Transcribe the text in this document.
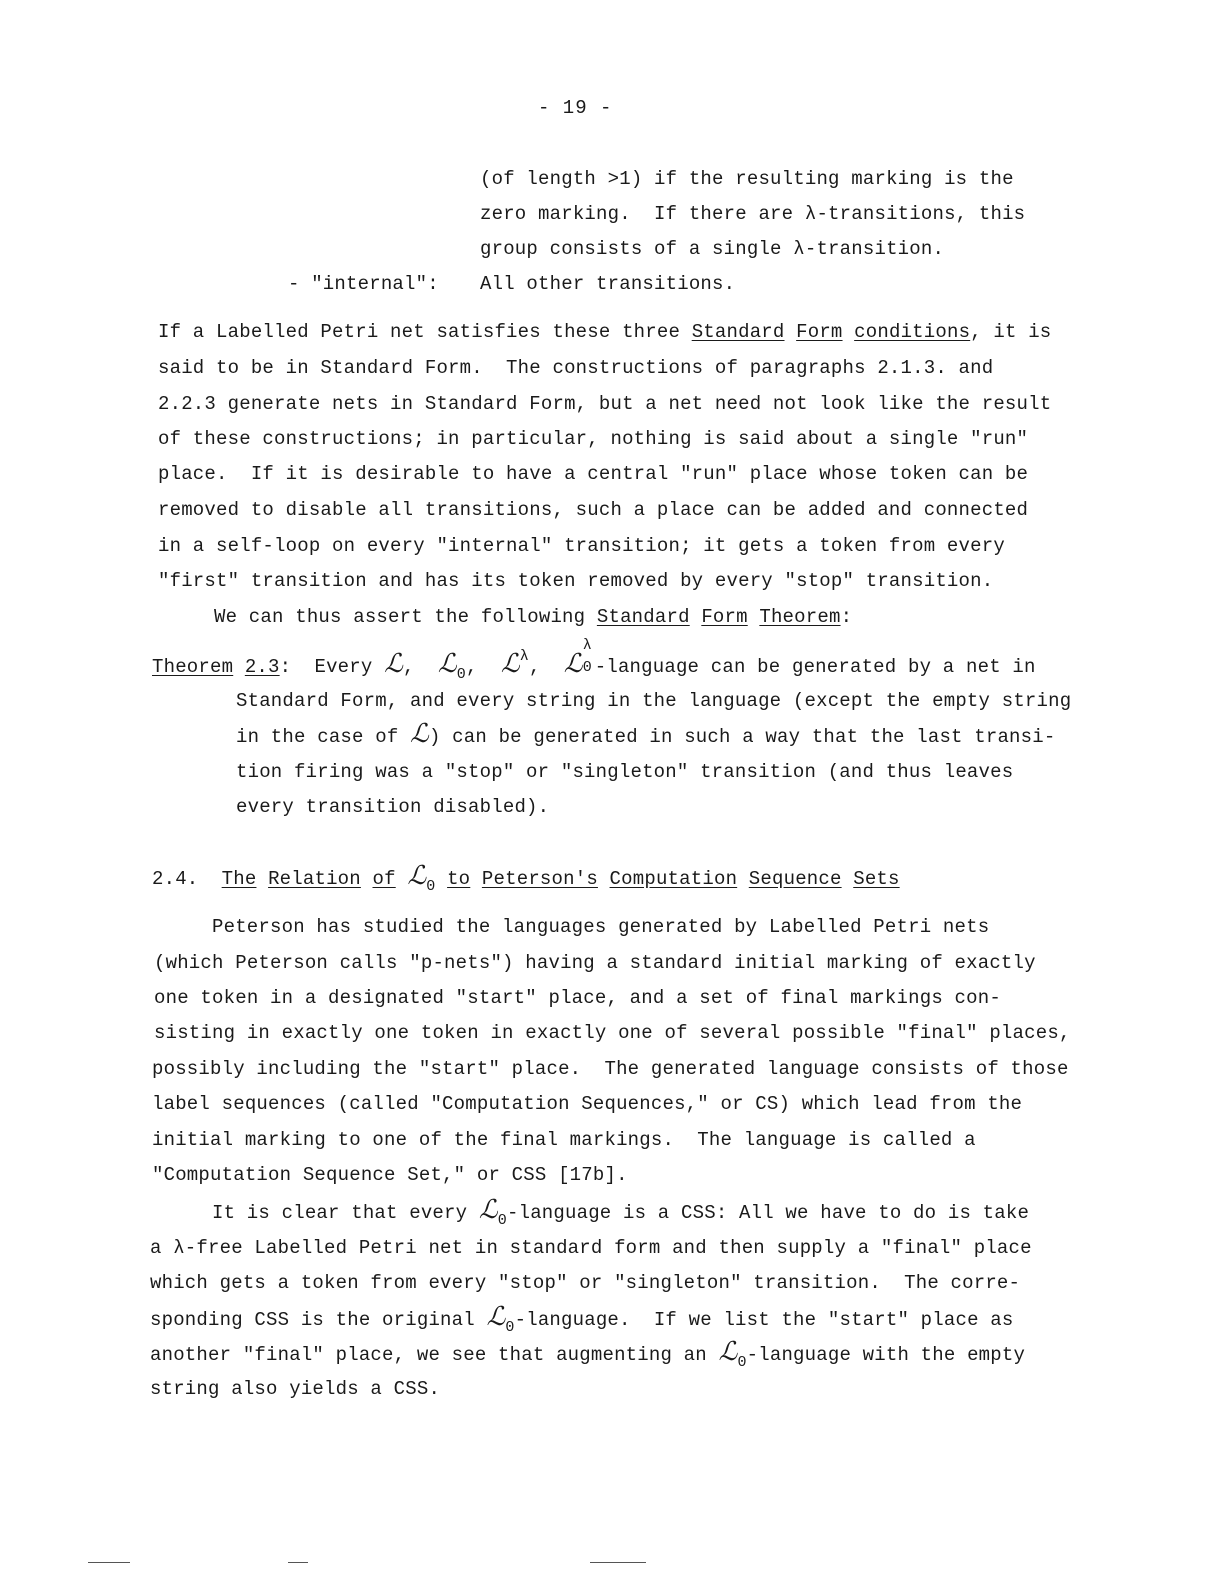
- 19 -
(of length >1) if the resulting marking is the
zero marking.  If there are λ-transitions, this
group consists of a single λ-transition.
- "internal": All other transitions.
If a Labelled Petri net satisfies these three Standard Form conditions, it is
said to be in Standard Form.  The constructions of paragraphs 2.1.3. and
2.2.3 generate nets in Standard Form, but a net need not look like the result
of these constructions; in particular, nothing is said about a single "run"
place.  If it is desirable to have a central "run" place whose token can be
removed to disable all transitions, such a place can be added and connected
in a self-loop on every "internal" transition; it gets a token from every
"first" transition and has its token removed by every "stop" transition.
We can thus assert the following Standard Form Theorem:
Theorem 2.3: Every ℒ, ℒ$_0$, ℒ$^\lambda$, ℒ
λ
0 -language can be generated by a net in
Standard Form, and every string in the language (except the empty string
in the case of ℒ) can be generated in such a way that the last transi-
tion firing was a "stop" or "singleton" transition (and thus leaves
every transition disabled).
2.4. The Relation of ℒ$_0$ to Peterson's Computation Sequence Sets
Peterson has studied the languages generated by Labelled Petri nets
(which Peterson calls "p-nets") having a standard initial marking of exactly
one token in a designated "start" place, and a set of final markings con-
sisting in exactly one token in exactly one of several possible "final" places,
possibly including the "start" place.  The generated language consists of those
label sequences (called "Computation Sequences," or CS) which lead from the
initial marking to one of the final markings.  The language is called a
"Computation Sequence Set," or CSS [17b].
It is clear that every ℒ$_0$-language is a CSS: All we have to do is take
a λ-free Labelled Petri net in standard form and then supply a "final" place
which gets a token from every "stop" or "singleton" transition.  The corre-
sponding CSS is the original ℒ$_0$-language.  If we list the "start" place as
another "final" place, we see that augmenting an ℒ$_0$-language with the empty
string also yields a CSS.
